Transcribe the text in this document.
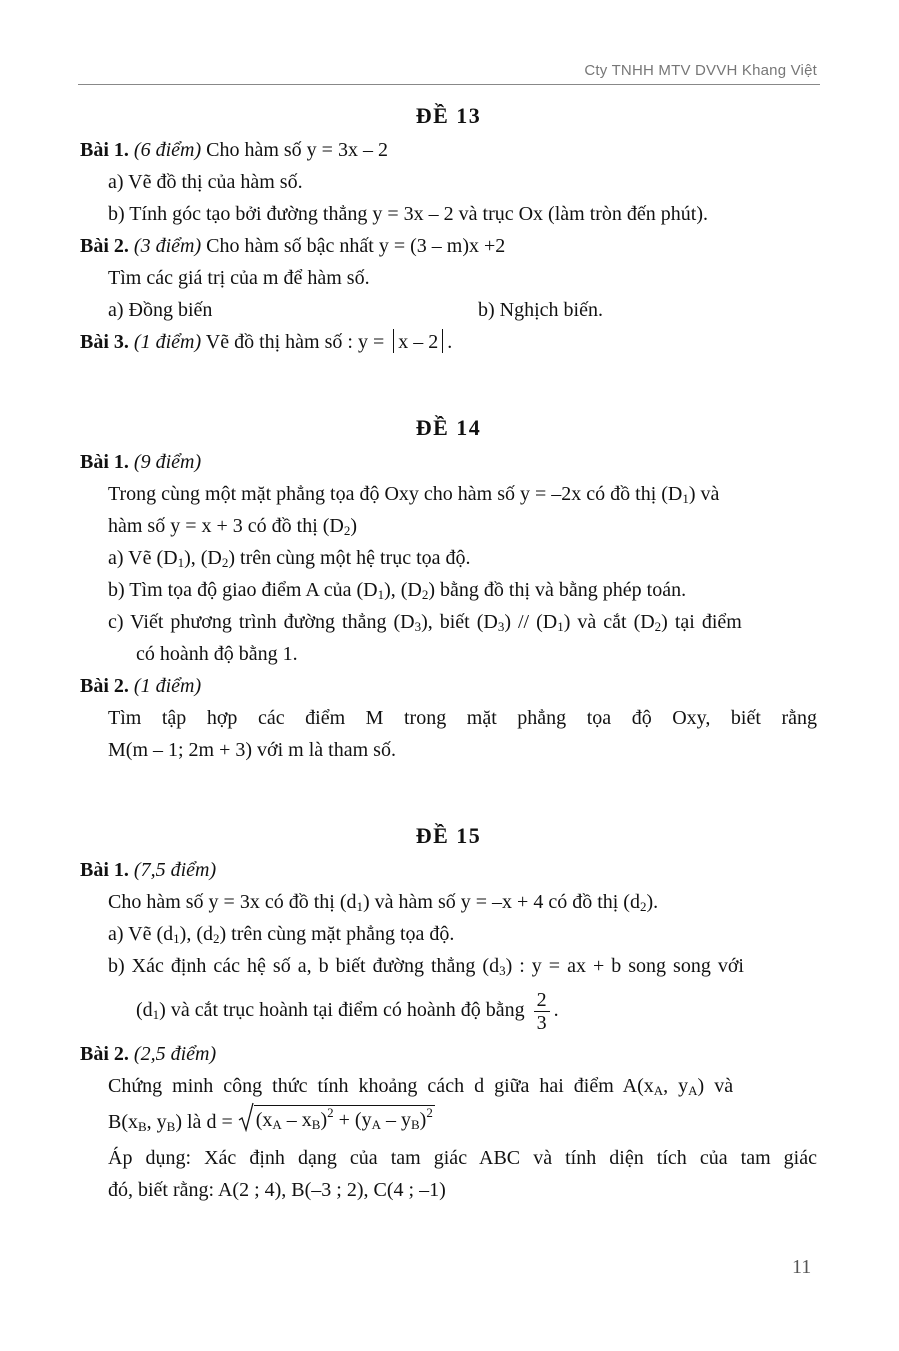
Cty TNHH MTV DVVH Khang Việt
ĐỀ 13
Bài 1. (6 điểm) Cho hàm số y = 3x – 2
a) Vẽ đồ thị của hàm số.
b) Tính góc tạo bởi đường thẳng y = 3x – 2 và trục Ox (làm tròn đến phút).
Bài 2. (3 điểm) Cho hàm số bậc nhất y = (3 – m)x +2
Tìm các giá trị của m để hàm số.
a) Đồng biến	b) Nghịch biến.
Bài 3. (1 điểm) Vẽ đồ thị hàm số : y = x – 2 .
ĐỀ 14
Bài 1. (9 điểm)
Trong cùng một mặt phẳng tọa độ Oxy cho hàm số y = –2x có đồ thị $(D_1)$ và
hàm số y = x + 3 có đồ thị $(D_2)$
a) Vẽ $(D_1)$, $(D_2)$ trên cùng một hệ trục tọa độ.
b) Tìm tọa độ giao điểm A của $(D_1)$, $(D_2)$ bằng đồ thị và bằng phép toán.
c) Viết phương trình đường thẳng $(D_3)$, biết $(D_3) // (D_1)$ và cắt $(D_2)$ tại điểm
có hoành độ bằng 1.
Bài 2. (1 điểm)
Tìm tập hợp các điểm M trong mặt phẳng tọa độ Oxy, biết rằng
M(m – 1; 2m + 3) với m là tham số.
ĐỀ 15
Bài 1. (7,5 điểm)
Cho hàm số y = 3x có đồ thị $(d_1)$ và hàm số y = –x + 4 có đồ thị $(d_2)$.
a) Vẽ $(d_1)$, $(d_2)$ trên cùng mặt phẳng tọa độ.
b) Xác định các hệ số a, b biết đường thẳng $(d_3)$ : y = ax + b song song với
$(d_1)$ và cắt trục hoành tại điểm có hoành độ bằng $\frac{2}{3}$ .
Bài 2. (2,5 điểm)
Chứng minh công thức tính khoảng cách d giữa hai điểm $A(x_A$, $y_A$) và
$B(x_B$, $y_B$) là $d = (x_A - x_B)^2 + (y_A - y_B)^2$
Áp dụng: Xác định dạng của tam giác ABC và tính diện tích của tam giác
đó, biết rằng: A(2 ; 4), B(–3 ; 2), C(4 ; –1)
11
